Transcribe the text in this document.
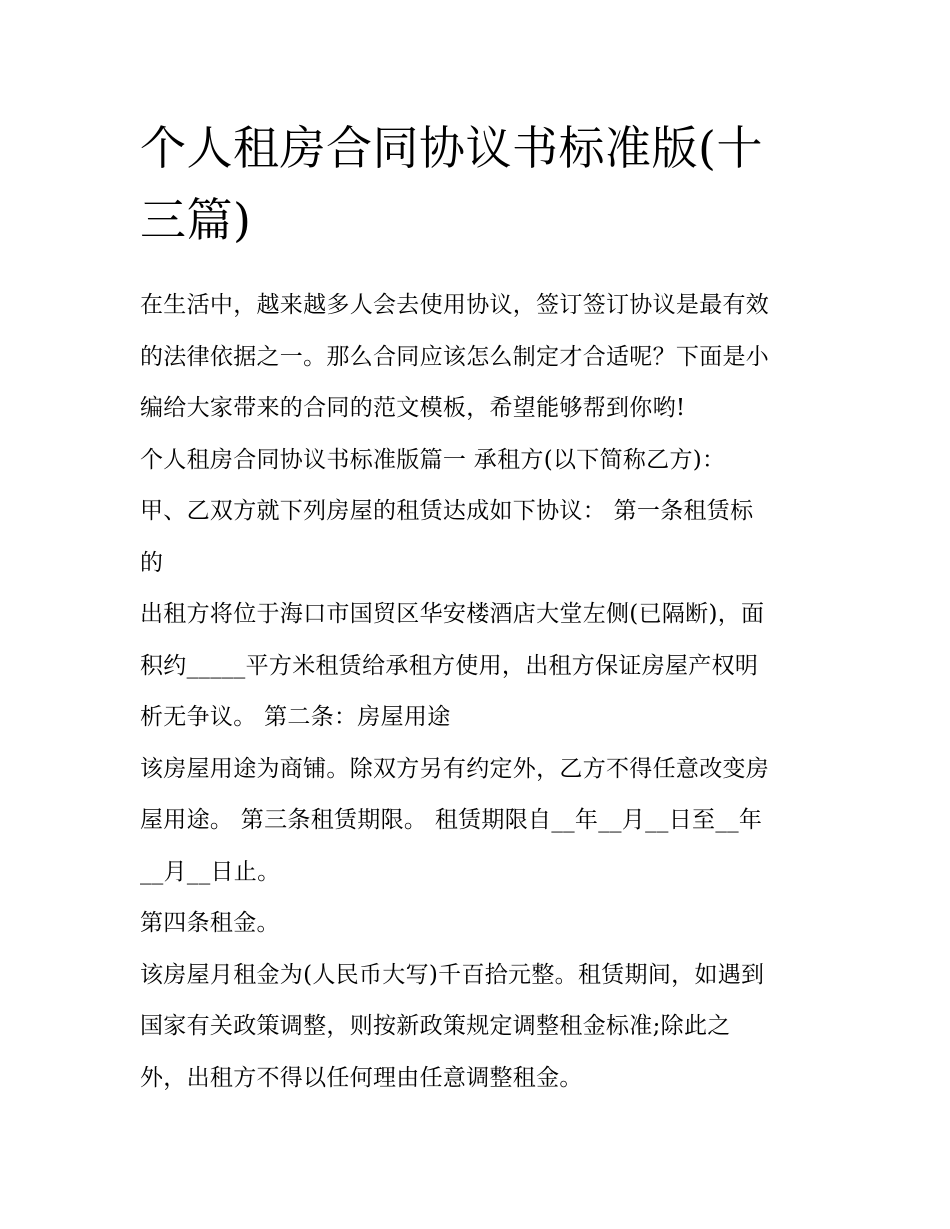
个人租房合同协议书标准版(十
三篇)
在生活中，越来越多人会去使用协议，签订签订协议是最有效
的法律依据之一。那么合同应该怎么制定才合适呢？下面是小
编给大家带来的合同的范文模板，希望能够帮到你哟!
个人租房合同协议书标准版篇一 承租方(以下简称乙方)：
甲、乙双方就下列房屋的租赁达成如下协议： 第一条租赁标
的
出租方将位于海口市国贸区华安楼酒店大堂左侧(已隔断)，面
积约_____平方米租赁给承租方使用，出租方保证房屋产权明
析无争议。 第二条：房屋用途
该房屋用途为商铺。除双方另有约定外，乙方不得任意改变房
屋用途。 第三条租赁期限。 租赁期限自__年__月__日至__年
__月__日止。
第四条租金。
该房屋月租金为(人民币大写)千百拾元整。租赁期间，如遇到
国家有关政策调整，则按新政策规定调整租金标准;除此之
外，出租方不得以任何理由任意调整租金。
